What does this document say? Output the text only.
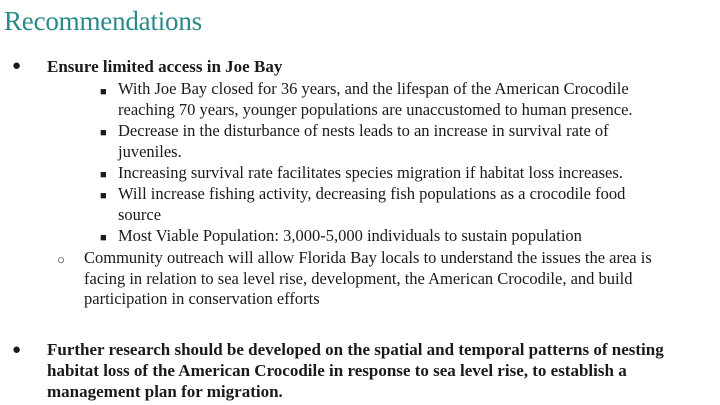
Recommendations
● Ensure limited access in Joe Bay
■ With Joe Bay closed for 36 years, and the lifespan of the American Crocodile
reaching 70 years, younger populations are unaccustomed to human presence.
■ Decrease in the disturbance of nests leads to an increase in survival rate of
juveniles.
■ Increasing survival rate facilitates species migration if habitat loss increases.
■ Will increase fishing activity, decreasing fish populations as a crocodile food
source
■ Most Viable Population: 3,000-5,000 individuals to sustain population
○ Community outreach will allow Florida Bay locals to understand the issues the area is
facing in relation to sea level rise, development, the American Crocodile, and build
participation in conservation efforts
● Further research should be developed on the spatial and temporal patterns of nesting
habitat loss of the American Crocodile in response to sea level rise, to establish a
management plan for migration.
